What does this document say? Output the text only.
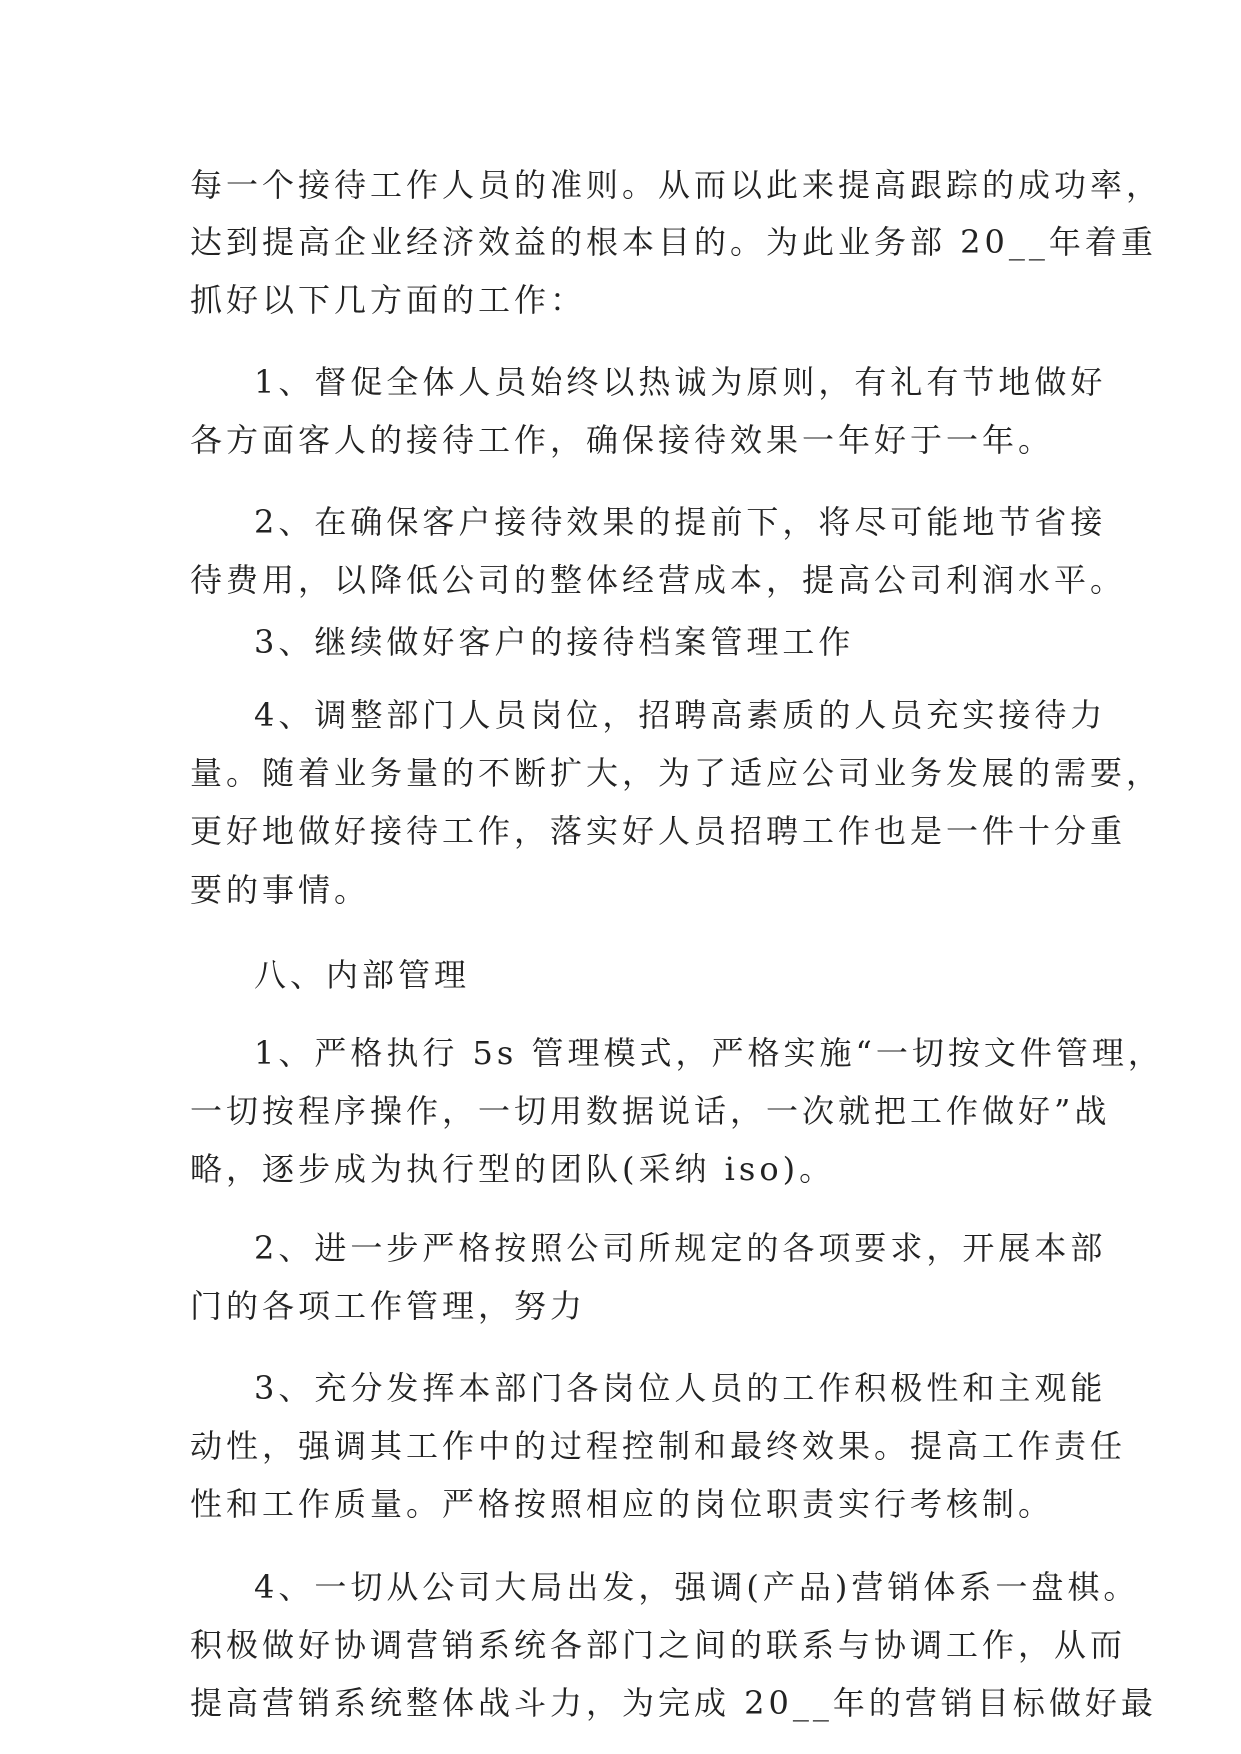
每一个接待工作人员的准则。从而以此来提高跟踪的成功率，
达到提高企业经济效益的根本目的。为此业务部 20__年着重
抓好以下几方面的工作：
1、督促全体人员始终以热诚为原则，有礼有节地做好
各方面客人的接待工作，确保接待效果一年好于一年。
2、在确保客户接待效果的提前下，将尽可能地节省接
待费用，以降低公司的整体经营成本，提高公司利润水平。
3、继续做好客户的接待档案管理工作
4、调整部门人员岗位，招聘高素质的人员充实接待力
量。随着业务量的不断扩大，为了适应公司业务发展的需要，
更好地做好接待工作，落实好人员招聘工作也是一件十分重
要的事情。
八、内部管理
1、严格执行 5s 管理模式，严格实施“一切按文件管理，
一切按程序操作，一切用数据说话，一次就把工作做好”战
略，逐步成为执行型的团队(采纳 iso)。
2、进一步严格按照公司所规定的各项要求，开展本部
门的各项工作管理，努力
3、充分发挥本部门各岗位人员的工作积极性和主观能
动性，强调其工作中的过程控制和最终效果。提高工作责任
性和工作质量。严格按照相应的岗位职责实行考核制。
4、一切从公司大局出发，强调(产品)营销体系一盘棋。
积极做好协调营销系统各部门之间的联系与协调工作，从而
提高营销系统整体战斗力，为完成 20__年的营销目标做好最
